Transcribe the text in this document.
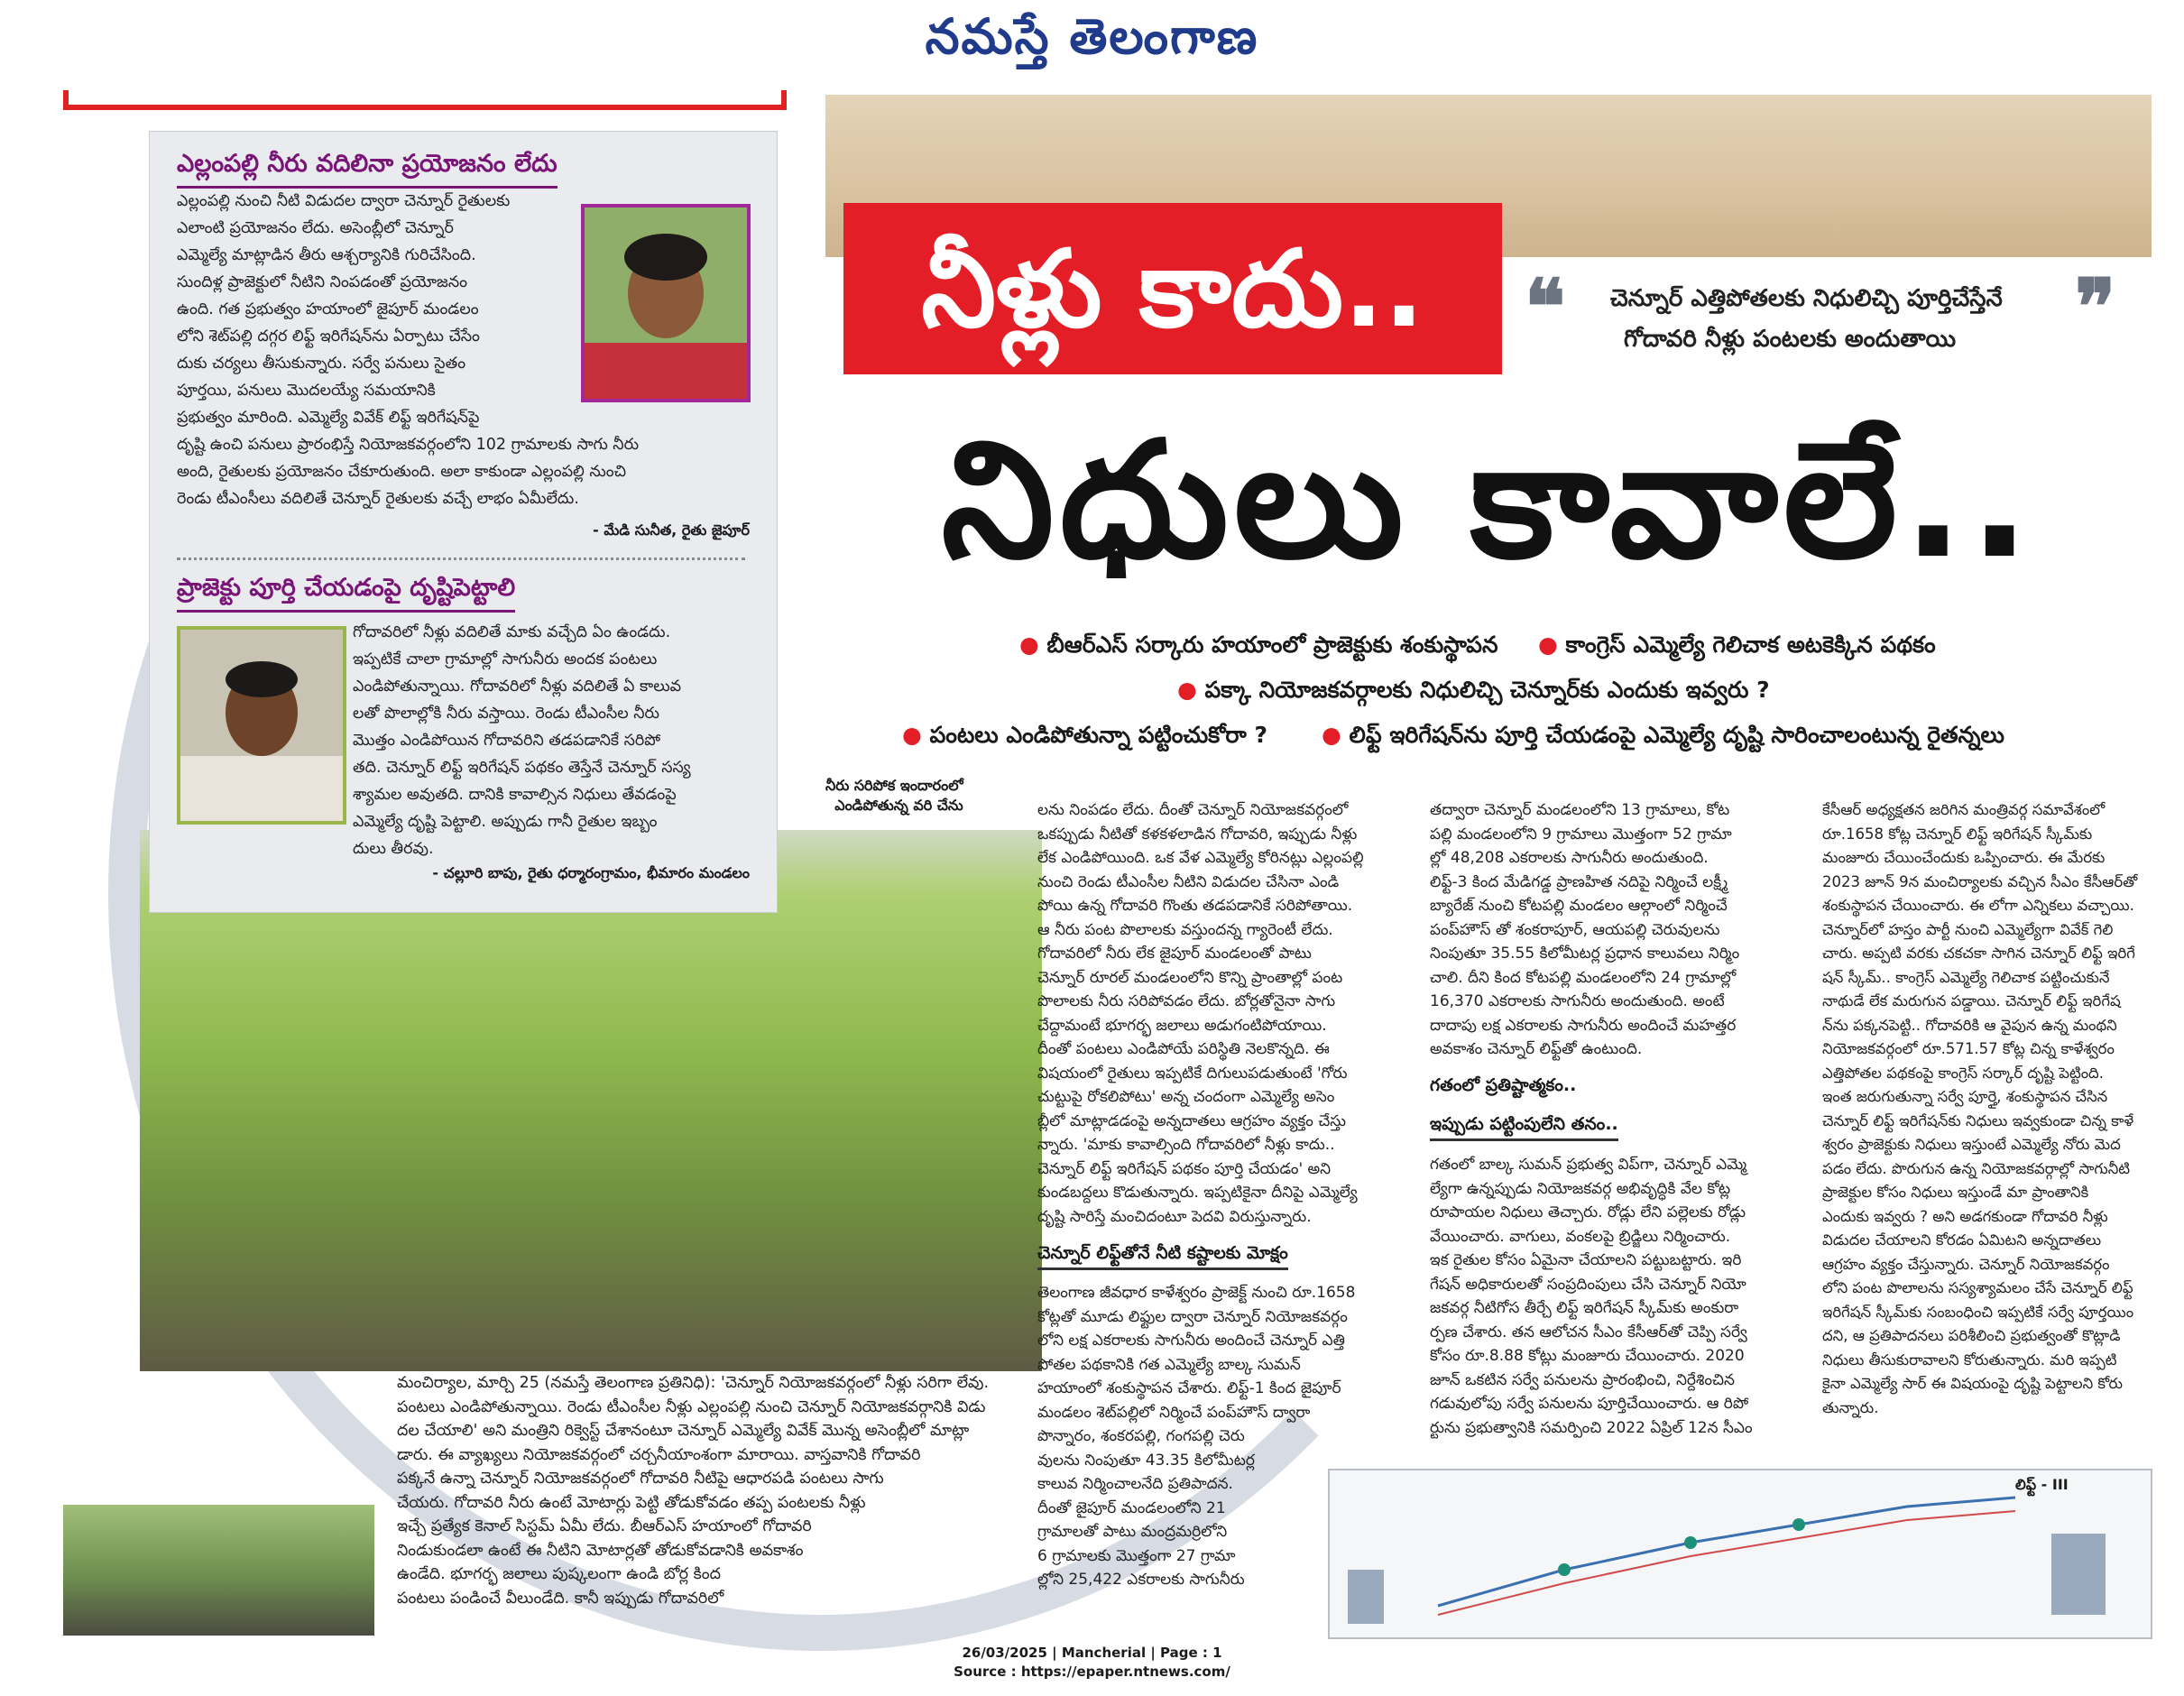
నమస్తే తెలంగాణ
నీళ్లు కాదు..	❝ చెన్నూర్ ఎత్తిపోతలకు నిధులిచ్చి పూర్తిచేస్తేనే
గోదావరి నీళ్లు పంటలకు అందుతాయి ❞
నిధులు కావాలే..
● బీఆర్ఎస్ సర్కారు హయాంలో ప్రాజెక్టుకు శంకుస్థాపన ● కాంగ్రెస్ ఎమ్మెల్యే గెలిచాక అటకెక్కిన పథకం
● పక్కా నియోజకవర్గాలకు నిధులిచ్చి చెన్నూర్‌కు ఎందుకు ఇవ్వరు ?
● పంటలు ఎండిపోతున్నా పట్టించుకోరా ? ● లిఫ్ట్ ఇరిగేషన్‌ను పూర్తి చేయడంపై ఎమ్మెల్యే దృష్టి సారించాలంటున్న రైతన్నలు
నీరు సరిపోక ఇందారంలో
ఎండిపోతున్న వరి చేను
ఎల్లంపల్లి నీరు వదిలినా ప్రయోజనం లేదు
ఎల్లంపల్లి నుంచి నీటి విడుదల ద్వారా చెన్నూర్ రైతులకు
ఎలాంటి ప్రయోజనం లేదు. అసెంబ్లీలో చెన్నూర్
ఎమ్మెల్యే మాట్లాడిన తీరు ఆశ్చర్యానికి గురిచేసింది.
సుందిళ్ల ప్రాజెక్టులో నీటిని నింపడంతో ప్రయోజనం
ఉంది. గత ప్రభుత్వం హయాంలో జైపూర్ మండలం
లోని శెట్‌పల్లి దగ్గర లిఫ్ట్ ఇరిగేషన్‌ను ఏర్పాటు చేసేం
దుకు చర్యలు తీసుకున్నారు. సర్వే పనులు సైతం
పూర్తయి, పనులు మొదలయ్యే సమయానికి
ప్రభుత్వం మారింది. ఎమ్మెల్యే వివేక్ లిఫ్ట్ ఇరిగేషన్‌పై
దృష్టి ఉంచి పనులు ప్రారంభిస్తే నియోజకవర్గంలోని 102 గ్రామాలకు సాగు నీరు
అంది, రైతులకు ప్రయోజనం చేకూరుతుంది. అలా కాకుండా ఎల్లంపల్లి నుంచి
రెండు టీఎంసీలు వదిలితే చెన్నూర్ రైతులకు వచ్చే లాభం ఏమీలేదు.
- మేడి సునీత, రైతు జైపూర్
ప్రాజెక్టు పూర్తి చేయడంపై దృష్టిపెట్టాలి
గోదావరిలో నీళ్లు వదిలితే మాకు వచ్చేది ఏం ఉండదు.
ఇప్పటికే చాలా గ్రామాల్లో సాగునీరు అందక పంటలు
ఎండిపోతున్నాయి. గోదావరిలో నీళ్లు వదిలితే ఏ కాలువ
లతో పొలాల్లోకి నీరు వస్తాయి. రెండు టీఎంసీల నీరు
మొత్తం ఎండిపోయిన గోదావరిని తడపడానికే సరిపో
తది. చెన్నూర్ లిఫ్ట్ ఇరిగేషన్ పథకం తెస్తేనే చెన్నూర్ సస్య
శ్యామల అవుతది. దానికి కావాల్సిన నిధులు తేవడంపై
ఎమ్మెల్యే దృష్టి పెట్టాలి. అప్పుడు గానీ రైతుల ఇబ్బం
దులు తీరవు.
- చల్లూరి బాపు, రైతు ధర్మారంగ్రామం, భీమారం మండలం
మంచిర్యాల, మార్చి 25 (నమస్తే తెలంగాణ ప్రతినిధి): 'చెన్నూర్ నియోజకవర్గంలో నీళ్లు సరిగా లేవు.
పంటలు ఎండిపోతున్నాయి. రెండు టీఎంసీల నీళ్లు ఎల్లంపల్లి నుంచి చెన్నూర్ నియోజకవర్గానికి విడు
దల చేయాలి' అని మంత్రిని రిక్వెస్ట్ చేశానంటూ చెన్నూర్ ఎమ్మెల్యే వివేక్ మొన్న అసెంబ్లీలో మాట్లా
డారు. ఈ వ్యాఖ్యలు నియోజకవర్గంలో చర్చనీయాంశంగా మారాయి. వాస్తవానికి గోదావరి
పక్కనే ఉన్నా చెన్నూర్ నియోజకవర్గంలో గోదావరి నీటిపై ఆధారపడి పంటలు సాగు
చేయరు. గోదావరి నీరు ఉంటే మోటార్లు పెట్టి తోడుకోవడం తప్ప పంటలకు నీళ్లు
ఇచ్చే ప్రత్యేక కెనాల్ సిస్టమ్ ఏమీ లేదు. బీఆర్ఎస్ హయాంలో గోదావరి
నిండుకుండలా ఉంటే ఈ నీటిని మోటార్లతో తోడుకోవడానికి అవకాశం
ఉండేది. భూగర్భ జలాలు పుష్కలంగా ఉండి బోర్ల కింద
పంటలు పండించే వీలుండేది. కానీ ఇప్పుడు గోదావరిలో
లను నింపడం లేదు. దీంతో చెన్నూర్ నియోజకవర్గంలో
ఒకప్పుడు నీటితో కళకళలాడిన గోదావరి, ఇప్పుడు నీళ్లు
లేక ఎండిపోయింది. ఒక వేళ ఎమ్మెల్యే కోరినట్లు ఎల్లంపల్లి
నుంచి రెండు టీఎంసీల నీటిని విడుదల చేసినా ఎండి
పోయి ఉన్న గోదావరి గొంతు తడపడానికే సరిపోతాయి.
ఆ నీరు పంట పొలాలకు వస్తుందన్న గ్యారెంటీ లేదు.
గోదావరిలో నీరు లేక జైపూర్ మండలంతో పాటు
చెన్నూర్ రూరల్ మండలంలోని కొన్ని ప్రాంతాల్లో పంట
పొలాలకు నీరు సరిపోవడం లేదు. బోర్లతోనైనా సాగు
చేద్దామంటే భూగర్భ జలాలు అడుగంటిపోయాయి.
దీంతో పంటలు ఎండిపోయే పరిస్థితి నెలకొన్నది. ఈ
విషయంలో రైతులు ఇప్పటికే దిగులుపడుతుంటే 'గోరు
చుట్టుపై రోకలిపోటు' అన్న చందంగా ఎమ్మెల్యే అసెం
బ్లీలో మాట్లాడడంపై అన్నదాతలు ఆగ్రహం వ్యక్తం చేస్తు
న్నారు. 'మాకు కావాల్సింది గోదావరిలో నీళ్లు కాదు..
చెన్నూర్ లిఫ్ట్ ఇరిగేషన్ పథకం పూర్తి చేయడం' అని
కుండబద్దలు కొడుతున్నారు. ఇప్పటికైనా దీనిపై ఎమ్మెల్యే
దృష్టి సారిస్తే మంచిదంటూ పెదవి విరుస్తున్నారు.
చెన్నూర్ లిఫ్ట్‌తోనే నీటి కష్టాలకు మోక్షం
తెలంగాణ జీవధార కాళేశ్వరం ప్రాజెక్ట్ నుంచి రూ.1658
కోట్లతో మూడు లిఫ్టుల ద్వారా చెన్నూర్ నియోజకవర్గం
లోని లక్ష ఎకరాలకు సాగునీరు అందించే చెన్నూర్ ఎత్తి
పోతల పథకానికి గత ఎమ్మెల్యే బాల్క సుమన్
హయాంలో శంకుస్థాపన చేశారు. లిఫ్ట్-1 కింద జైపూర్
మండలం శెట్‌పల్లిలో నిర్మించే పంప్‌హౌస్ ద్వారా
పొన్నారం, శంకరపల్లి, గంగపల్లి చెరు
వులను నింపుతూ 43.35 కిలోమీటర్ల
కాలువ నిర్మించాలనేది ప్రతిపాదన.
దీంతో జైపూర్ మండలంలోని 21
గ్రామాలతో పాటు మంద్రమర్రిలోని
6 గ్రామాలకు మొత్తంగా 27 గ్రామా
ల్లోని 25,422 ఎకరాలకు సాగునీరు
తద్వారా చెన్నూర్ మండలంలోని 13 గ్రామాలు, కోట
పల్లి మండలంలోని 9 గ్రామాలు మొత్తంగా 52 గ్రామా
ల్లో 48,208 ఎకరాలకు సాగునీరు అందుతుంది.
లిఫ్ట్-3 కింద మేడిగడ్డ ప్రాణహిత నదిపై నిర్మించే లక్ష్మీ
బ్యారేజ్ నుంచి కోటపల్లి మండలం ఆల్గాంలో నిర్మించే
పంప్‌హౌస్ తో శంకరాపూర్, ఆయపల్లి చెరువులను
నింపుతూ 35.55 కిలోమీటర్ల ప్రధాన కాలువలు నిర్మిం
చాలి. దీని కింద కోటపల్లి మండలంలోని 24 గ్రామాల్లో
16,370 ఎకరాలకు సాగునీరు అందుతుంది. అంటే
దాదాపు లక్ష ఎకరాలకు సాగునీరు అందించే మహత్తర
అవకాశం చెన్నూర్ లిఫ్ట్‌తో ఉంటుంది.
గతంలో ప్రతిష్టాత్మకం..
ఇప్పుడు పట్టింపులేని తనం..
గతంలో బాల్క సుమన్ ప్రభుత్వ విప్‌గా, చెన్నూర్ ఎమ్మె
ల్యేగా ఉన్నప్పుడు నియోజకవర్గ అభివృద్ధికి వేల కోట్ల
రూపాయల నిధులు తెచ్చారు. రోడ్లు లేని పల్లెలకు రోడ్లు
వేయించారు. వాగులు, వంకలపై బ్రిడ్జిలు నిర్మించారు.
ఇక రైతుల కోసం ఏమైనా చేయాలని పట్టుబట్టారు. ఇరి
గేషన్ అధికారులతో సంప్రదింపులు చేసి చెన్నూర్ నియో
జకవర్గ నీటిగోస తీర్చే లిఫ్ట్ ఇరిగేషన్ స్కీమ్‌కు అంకురా
ర్పణ చేశారు. తన ఆలోచన సీఎం కేసీఆర్‌తో చెప్పి సర్వే
కోసం రూ.8.88 కోట్లు మంజూరు చేయించారు. 2020
జూన్ ఒకటిన సర్వే పనులను ప్రారంభించి, నిర్దేశించిన
గడువులోపు సర్వే పనులను పూర్తిచేయించారు. ఆ రిపో
ర్టును ప్రభుత్వానికి సమర్పించి 2022 ఏప్రిల్ 12న సీఎం
కేసీఆర్ అధ్యక్షతన జరిగిన మంత్రివర్గ సమావేశంలో
రూ.1658 కోట్ల చెన్నూర్ లిఫ్ట్ ఇరిగేషన్ స్కీమ్‌కు
మంజూరు చేయించేందుకు ఒప్పించారు. ఈ మేరకు
2023 జూన్ 9న మంచిర్యాలకు వచ్చిన సీఎం కేసీఆర్‌తో
శంకుస్థాపన చేయించారు. ఈ లోగా ఎన్నికలు వచ్చాయి.
చెన్నూర్‌లో హస్తం పార్టీ నుంచి ఎమ్మెల్యేగా వివేక్ గెలి
చారు. అప్పటి వరకు చకచకా సాగిన చెన్నూర్ లిఫ్ట్ ఇరిగే
షన్ స్కీమ్.. కాంగ్రెస్ ఎమ్మెల్యే గెలిచాక పట్టించుకునే
నాథుడే లేక మరుగున పడ్డాయి. చెన్నూర్ లిఫ్ట్ ఇరిగేష
న్‌ను పక్కనపెట్టి.. గోదావరికి ఆ వైపున ఉన్న మంథని
నియోజకవర్గంలో రూ.571.57 కోట్ల చిన్న కాళేశ్వరం
ఎత్తిపోతల పథకంపై కాంగ్రెస్ సర్కార్ దృష్టి పెట్టింది.
ఇంత జరుగుతున్నా సర్వే పూర్తై, శంకుస్థాపన చేసిన
చెన్నూర్ లిఫ్ట్ ఇరిగేషన్‌కు నిధులు ఇవ్వకుండా చిన్న కాళే
శ్వరం ప్రాజెక్టుకు నిధులు ఇస్తుంటే ఎమ్మెల్యే నోరు మెద
పడం లేదు. పొరుగున ఉన్న నియోజకవర్గాల్లో సాగునీటి
ప్రాజెక్టుల కోసం నిధులు ఇస్తుండే మా ప్రాంతానికి
ఎందుకు ఇవ్వరు ? అని అడగకుండా గోదావరి నీళ్లు
విడుదల చేయాలని కోరడం ఏమిటని అన్నదాతలు
ఆగ్రహం వ్యక్తం చేస్తున్నారు. చెన్నూర్ నియోజకవర్గం
లోని పంట పొలాలను సస్యశ్యామలం చేసే చెన్నూర్ లిఫ్ట్
ఇరిగేషన్ స్కీమ్‌కు సంబంధించి ఇప్పటికే సర్వే పూర్తయిం
దని, ఆ ప్రతిపాదనలు పరిశీలించి ప్రభుత్వంతో కొట్లాడి
నిధులు తీసుకురావాలని కోరుతున్నారు. మరి ఇప్పటి
కైనా ఎమ్మెల్యే సార్ ఈ విషయంపై దృష్టి పెట్టాలని కోరు
తున్నారు.
లిఫ్ట్ - III
26/03/2025 | Mancherial | Page : 1
Source : https://epaper.ntnews.com/
